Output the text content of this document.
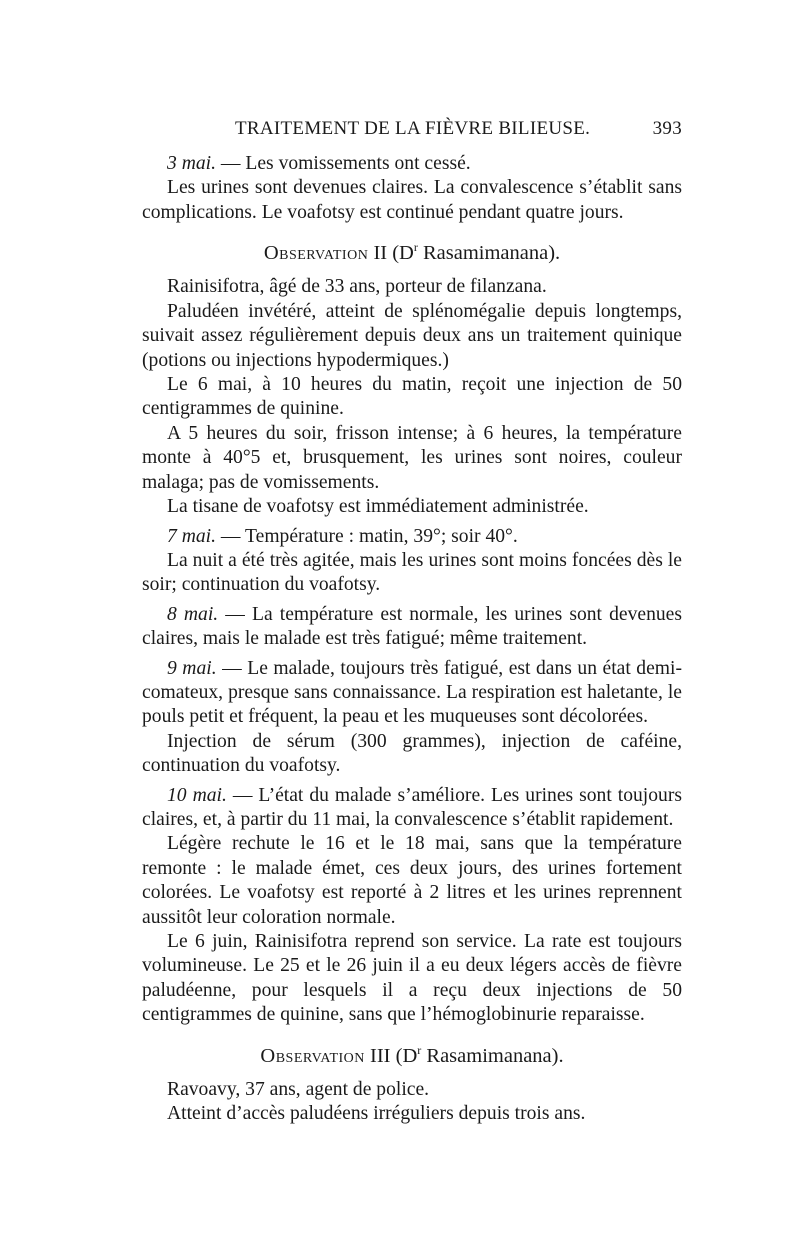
TRAITEMENT DE LA FIÈVRE BILIEUSE.	393

3 mai. — Les vomissements ont cessé.

Les urines sont devenues claires. La convalescence s’établit sans complications. Le voafotsy est continué pendant quatre jours.

Observation II ($D^r$ Rasamimanana).

Rainisifotra, âgé de 33 ans, porteur de filanzana.

Paludéen invétéré, atteint de splénomégalie depuis longtemps, suivait assez régulièrement depuis deux ans un traitement quinique (potions ou injections hypodermiques.)

Le 6 mai, à 10 heures du matin, reçoit une injection de 50 centigrammes de quinine.

A 5 heures du soir, frisson intense; à 6 heures, la température monte à 40°5 et, brusquement, les urines sont noires, couleur malaga; pas de vomissements.

La tisane de voafotsy est immédiatement administrée.

7 mai. — Température : matin, 39°; soir 40°.

La nuit a été très agitée, mais les urines sont moins foncées dès le soir; continuation du voafotsy.

8 mai. — La température est normale, les urines sont devenues claires, mais le malade est très fatigué; même traitement.

9 mai. — Le malade, toujours très fatigué, est dans un état demi-comateux, presque sans connaissance. La respiration est haletante, le pouls petit et fréquent, la peau et les muqueuses sont décolorées.

Injection de sérum (300 grammes), injection de caféine, continuation du voafotsy.

10 mai. — L’état du malade s’améliore. Les urines sont toujours claires, et, à partir du 11 mai, la convalescence s’établit rapidement.

Légère rechute le 16 et le 18 mai, sans que la température remonte : le malade émet, ces deux jours, des urines fortement colorées. Le voafotsy est reporté à 2 litres et les urines reprennent aussitôt leur coloration normale.

Le 6 juin, Rainisifotra reprend son service. La rate est toujours volumineuse. Le 25 et le 26 juin il a eu deux légers accès de fièvre paludéenne, pour lesquels il a reçu deux injections de 50 centigrammes de quinine, sans que l’hémoglobinurie reparaisse.

Observation III ($D^r$ Rasamimanana).

Ravoavy, 37 ans, agent de police.

Atteint d’accès paludéens irréguliers depuis trois ans.
